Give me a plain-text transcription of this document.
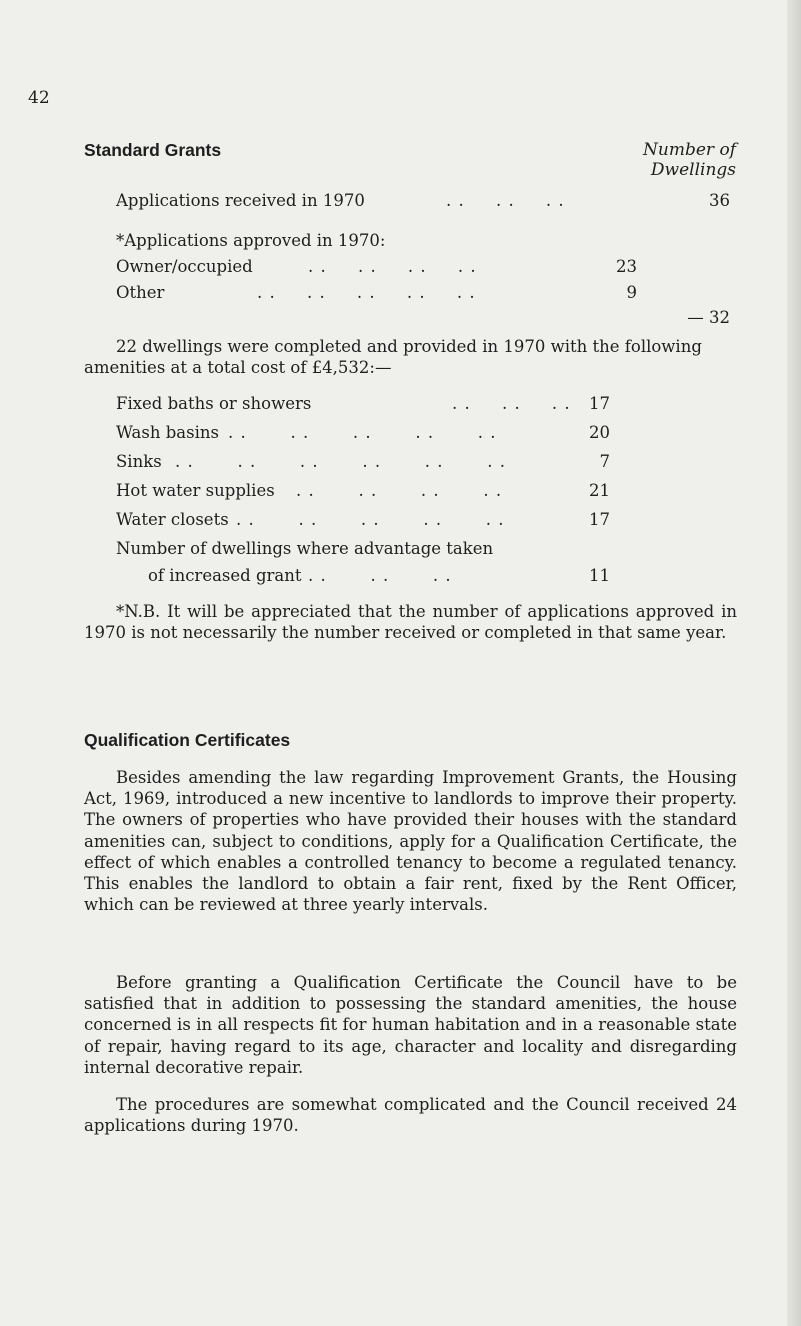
42
Standard Grants	Number of
Dwellings
Applications received in 1970	. .     . .     . .	36
*Applications approved in 1970:
Owner/occupied	. .     . .     . .     . .	23
Other	. .     . .     . .     . .     . .	9
— 32
22 dwellings were completed and provided in 1970 with the following
amenities at a total cost of £4,532:—
Fixed baths or showers	. .     . .     . .	17
Wash basins . .       . .       . .       . .       . .	20
Sinks . .       . .       . .       . .       . .       . .	7
Hot water supplies . .       . .       . .       . .	21
Water closets . .       . .       . .       . .       . .	17
Number of dwellings where advantage taken
of increased grant . .       . .       . .	11
*N.B. It will be appreciated that the number of applications approved in 1970 is not necessarily the number received or completed in that same year.
Qualification Certificates
Besides amending the law regarding Improvement Grants, the Housing Act, 1969, introduced a new incentive to landlords to improve their property. The owners of properties who have provided their houses with the standard amenities can, subject to conditions, apply for a Qualification Certificate, the effect of which enables a controlled tenancy to become a regulated tenancy. This enables the landlord to obtain a fair rent, fixed by the Rent Officer, which can be reviewed at three yearly intervals.
Before granting a Qualification Certificate the Council have to be satisfied that in addition to possessing the standard amenities, the house concerned is in all respects fit for human habitation and in a reasonable state of repair, having regard to its age, character and locality and disregarding internal decorative repair.
The procedures are somewhat complicated and the Council received 24 applications during 1970.
